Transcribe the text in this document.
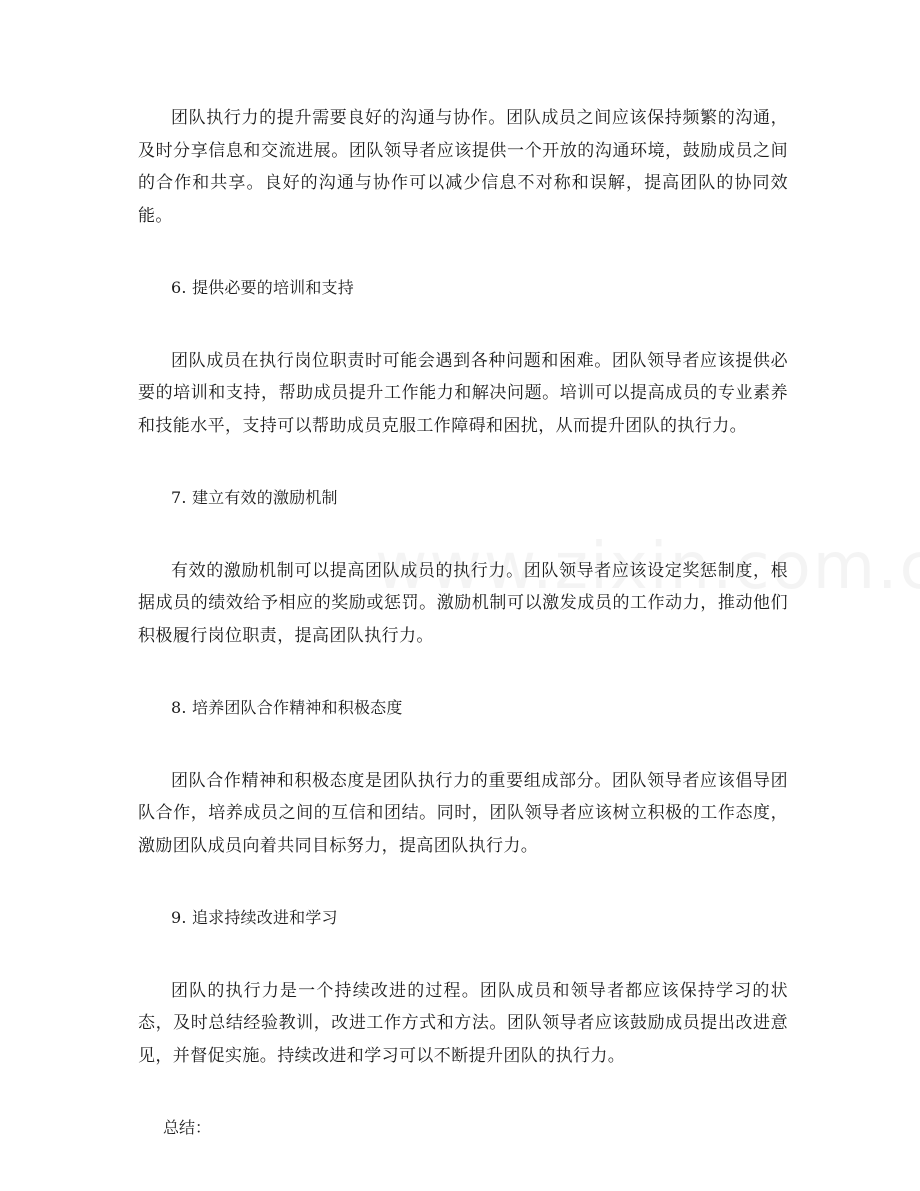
团队执行力的提升需要良好的沟通与协作。团队成员之间应该保持频繁的沟通，及时分享信息和交流进展。团队领导者应该提供一个开放的沟通环境，鼓励成员之间的合作和共享。良好的沟通与协作可以减少信息不对称和误解，提高团队的协同效能。

6. 提供必要的培训和支持

团队成员在执行岗位职责时可能会遇到各种问题和困难。团队领导者应该提供必要的培训和支持，帮助成员提升工作能力和解决问题。培训可以提高成员的专业素养和技能水平，支持可以帮助成员克服工作障碍和困扰，从而提升团队的执行力。

7. 建立有效的激励机制

有效的激励机制可以提高团队成员的执行力。团队领导者应该设定奖惩制度，根据成员的绩效给予相应的奖励或惩罚。激励机制可以激发成员的工作动力，推动他们积极履行岗位职责，提高团队执行力。

8. 培养团队合作精神和积极态度

团队合作精神和积极态度是团队执行力的重要组成部分。团队领导者应该倡导团队合作，培养成员之间的互信和团结。同时，团队领导者应该树立积极的工作态度，激励团队成员向着共同目标努力，提高团队执行力。

9. 追求持续改进和学习

团队的执行力是一个持续改进的过程。团队成员和领导者都应该保持学习的状态，及时总结经验教训，改进工作方式和方法。团队领导者应该鼓励成员提出改进意见，并督促实施。持续改进和学习可以不断提升团队的执行力。

总结：
